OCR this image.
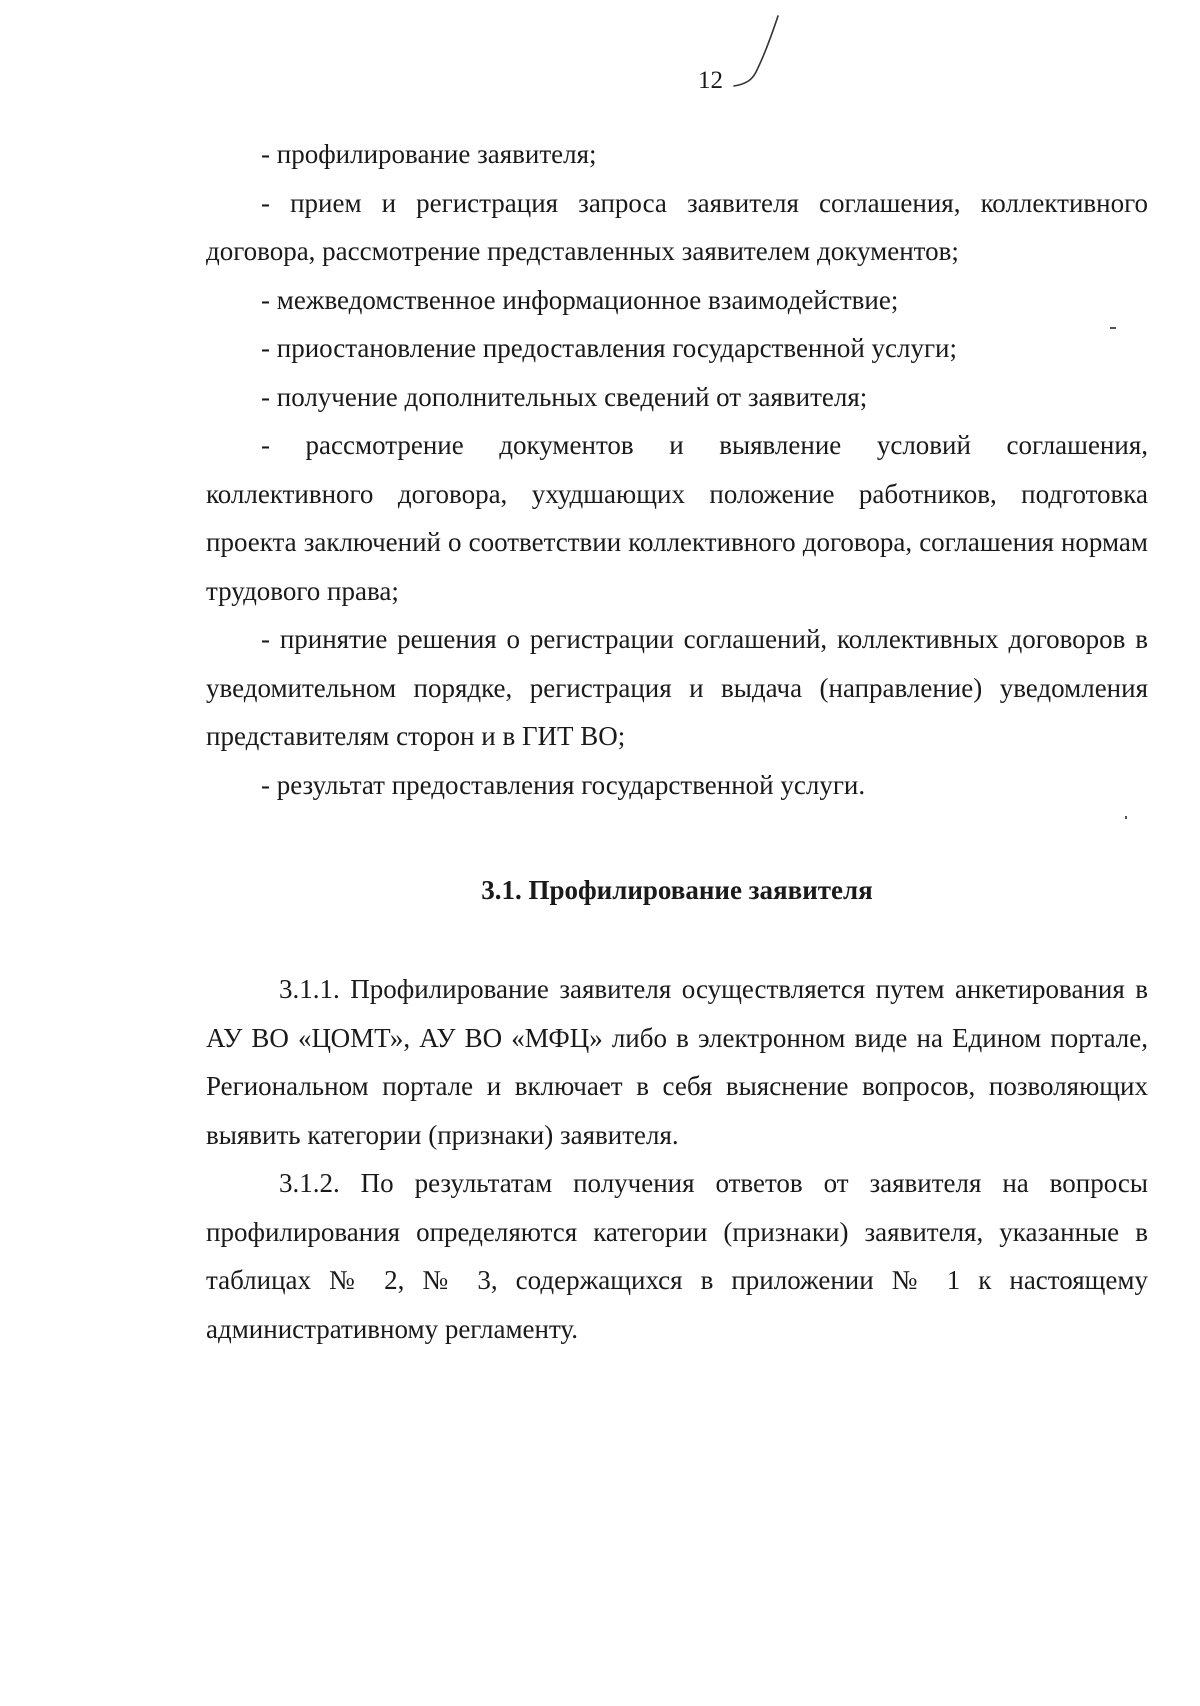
12

- профилирование заявителя;

- прием и регистрация запроса заявителя соглашения, коллективного договора, рассмотрение представленных заявителем документов;

- межведомственное информационное взаимодействие;

- приостановление предоставления государственной услуги;

- получение дополнительных сведений от заявителя;

- рассмотрение документов и выявление условий соглашения, коллективного договора, ухудшающих положение работников, подготовка проекта заключений о соответствии коллективного договора, соглашения нормам трудового права;

- принятие решения о регистрации соглашений, коллективных договоров в уведомительном порядке, регистрация и выдача (направление) уведомления представителям сторон и в ГИТ ВО;

- результат предоставления государственной услуги.

3.1. Профилирование заявителя

3.1.1. Профилирование заявителя осуществляется путем анкетирования в АУ ВО «ЦОМТ», АУ ВО «МФЦ» либо в электронном виде на Едином портале, Региональном портале и включает в себя выяснение вопросов, позволяющих выявить категории (признаки) заявителя.

3.1.2. По результатам получения ответов от заявителя на вопросы профилирования определяются категории (признаки) заявителя, указанные в таблицах № 2, № 3, содержащихся в приложении № 1 к настоящему административному регламенту.
